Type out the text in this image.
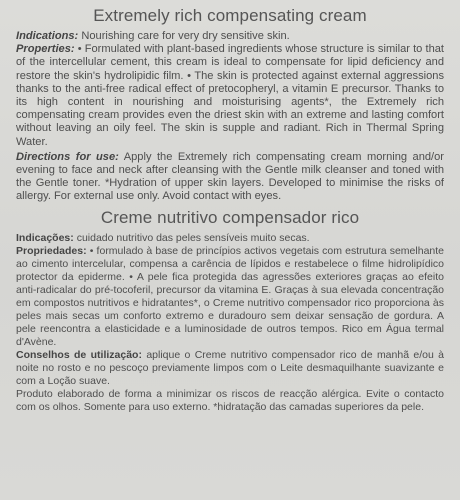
Extremely rich compensating cream
Indications: Nourishing care for very dry sensitive skin.
Properties: • Formulated with plant-based ingredients whose structure is similar to that of the intercellular cement, this cream is ideal to compensate for lipid deficiency and restore the skin's hydrolipidic film. • The skin is protected against external aggressions thanks to the anti-free radical effect of pretocopheryl, a vitamin E precursor. Thanks to its high content in nourishing and moisturising agents*, the Extremely rich compensating cream provides even the driest skin with an extreme and lasting comfort without leaving an oily feel. The skin is supple and radiant. Rich in Thermal Spring Water.
Directions for use: Apply the Extremely rich compensating cream morning and/or evening to face and neck after cleansing with the Gentle milk cleanser and toned with the Gentle toner. *Hydration of upper skin layers. Developed to minimise the risks of allergy. For external use only. Avoid contact with eyes.
Creme nutritivo compensador rico
Indicações: cuidado nutritivo das peles sensíveis muito secas.
Propriedades: • formulado à base de princípios activos vegetais com estrutura semelhante ao cimento intercelular, compensa a carência de lípidos e restabelece o filme hidrolipídico protector da epiderme. • A pele fica protegida das agressões exteriores graças ao efeito anti-radicalar do pré-tocoferil, precursor da vitamina E. Graças à sua elevada concentração em compostos nutritivos e hidratantes*, o Creme nutritivo compensador rico proporciona às peles mais secas um conforto extremo e duradouro sem deixar sensação de gordura. A pele reencontra a elasticidade e a luminosidade de outros tempos. Rico em Água termal d'Avène.
Conselhos de utilização: aplique o Creme nutritivo compensador rico de manhã e/ou à noite no rosto e no pescoço previamente limpos com o Leite desmaquilhante suavizante e com a Loção suave.
Produto elaborado de forma a minimizar os riscos de reacção alérgica. Evite o contacto com os olhos. Somente para uso externo. *hidratação das camadas superiores da pele.
